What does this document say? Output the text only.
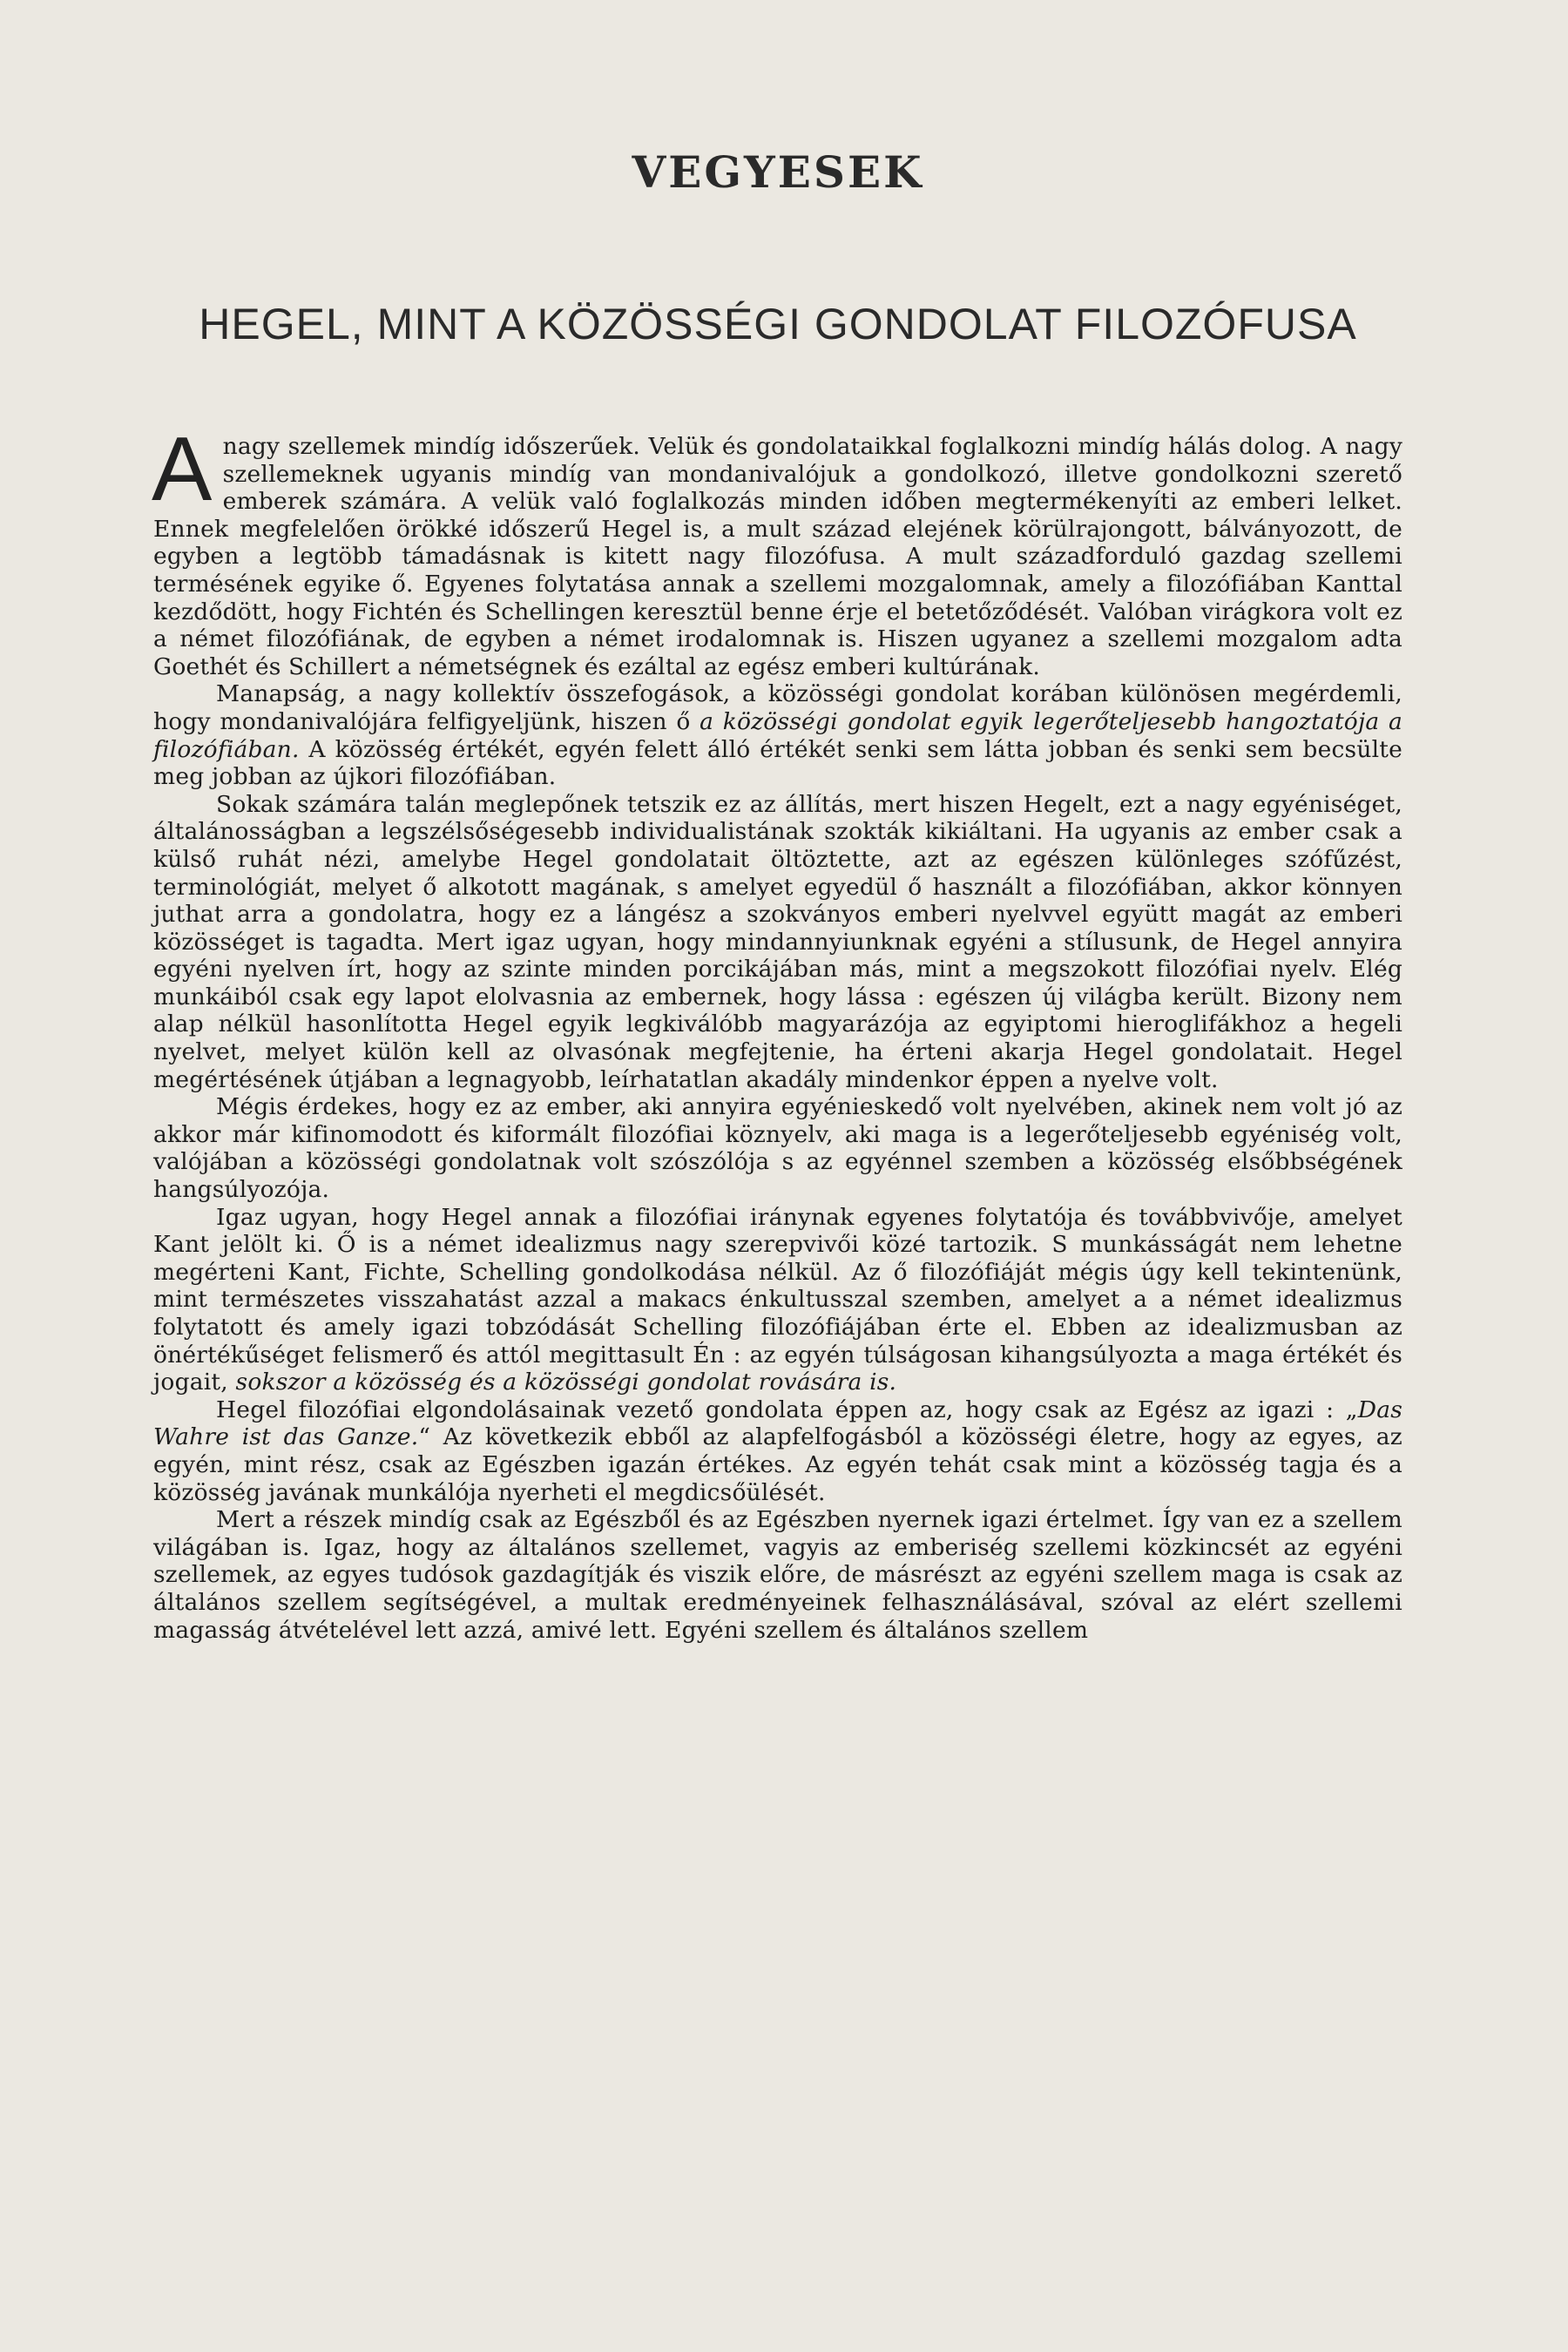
VEGYESEK
HEGEL, MINT A KÖZÖSSÉGI GONDOLAT FILOZÓFUSA

Anagy szellemek mindíg időszerűek. Velük és gondolataikkal foglalkozni mindíg hálás dolog. A nagy szellemeknek ugyanis mindíg van mondanivalójuk a gondolkozó, illetve gondolkozni szerető emberek számára. A velük való foglalkozás minden időben megtermékenyíti az emberi lelket. Ennek megfelelően örökké időszerű Hegel is, a mult század elejének körülrajongott, bálványozott, de egyben a legtöbb támadásnak is kitett nagy filozófusa. A mult századforduló gazdag szellemi termésének egyike ő. Egyenes folytatása annak a szellemi mozgalomnak, amely a filozófiában Kanttal kezdődött, hogy Fichtén és Schellingen keresztül benne érje el betetőződését. Valóban virágkora volt ez a német filozófiának, de egyben a német irodalomnak is. Hiszen ugyanez a szellemi mozgalom adta Goethét és Schillert a németségnek és ezáltal az egész emberi kultúrának.

Manapság, a nagy kollektív összefogások, a közösségi gondolat korában különösen megérdemli, hogy mondanivalójára felfigyeljünk, hiszen ő a közösségi gondolat egyik legerőteljesebb hangoztatója a filozófiában. A közösség értékét, egyén felett álló értékét senki sem látta jobban és senki sem becsülte meg jobban az újkori filozófiában.

Sokak számára talán meglepőnek tetszik ez az állítás, mert hiszen Hegelt, ezt a nagy egyéniséget, általánosságban a legszélsőségesebb individualistának szokták kikiáltani. Ha ugyanis az ember csak a külső ruhát nézi, amelybe Hegel gondolatait öltöztette, azt az egészen különleges szófűzést, terminológiát, melyet ő alkotott magának, s amelyet egyedül ő használt a filozófiában, akkor könnyen juthat arra a gondolatra, hogy ez a lángész a szokványos emberi nyelvvel együtt magát az emberi közösséget is tagadta. Mert igaz ugyan, hogy mindannyiunknak egyéni a stílusunk, de Hegel annyira egyéni nyelven írt, hogy az szinte minden porcikájában más, mint a megszokott filozófiai nyelv. Elég munkáiból csak egy lapot elolvasnia az embernek, hogy lássa : egészen új világba került. Bizony nem alap nélkül hasonlította Hegel egyik legkiválóbb magyarázója az egyiptomi hieroglifákhoz a hegeli nyelvet, melyet külön kell az olvasónak megfejtenie, ha érteni akarja Hegel gondolatait. Hegel megértésének útjában a legnagyobb, leírhatatlan akadály mindenkor éppen a nyelve volt.

Mégis érdekes, hogy ez az ember, aki annyira egyénieskedő volt nyelvében, akinek nem volt jó az akkor már kifinomodott és kiformált filozófiai köznyelv, aki maga is a legerőteljesebb egyéniség volt, valójában a közösségi gondolatnak volt szószólója s az egyénnel szemben a közösség elsőbbségének hangsúlyozója.

Igaz ugyan, hogy Hegel annak a filozófiai iránynak egyenes folytatója és továbbvivője, amelyet Kant jelölt ki. Ő is a német idealizmus nagy szerepvivői közé tartozik. S munkásságát nem lehetne megérteni Kant, Fichte, Schelling gondolkodása nélkül. Az ő filozófiáját mégis úgy kell tekintenünk, mint természetes visszahatást azzal a makacs énkultusszal szemben, amelyet a a német idealizmus folytatott és amely igazi tobzódását Schelling filozófiájában érte el. Ebben az idealizmusban az önértékűséget felismerő és attól megittasult Én : az egyén túlságosan kihangsúlyozta a maga értékét és jogait, sokszor a közösség és a közösségi gondolat rovására is.

Hegel filozófiai elgondolásainak vezető gondolata éppen az, hogy csak az Egész az igazi : „Das Wahre ist das Ganze.“ Az következik ebből az alapfelfogásból a közösségi életre, hogy az egyes, az egyén, mint rész, csak az Egészben igazán értékes. Az egyén tehát csak mint a közösség tagja és a közösség javának munkálója nyerheti el megdicsőülését.

Mert a részek mindíg csak az Egészből és az Egészben nyernek igazi értelmet. Így van ez a szellem világában is. Igaz, hogy az általános szellemet, vagyis az emberiség szellemi közkincsét az egyéni szellemek, az egyes tudósok gazdagítják és viszik előre, de másrészt az egyéni szellem maga is csak az általános szellem segítségével, a multak eredményeinek felhasználásával, szóval az elért szellemi magasság átvételével lett azzá, amivé lett. Egyéni szellem és általános szellem
